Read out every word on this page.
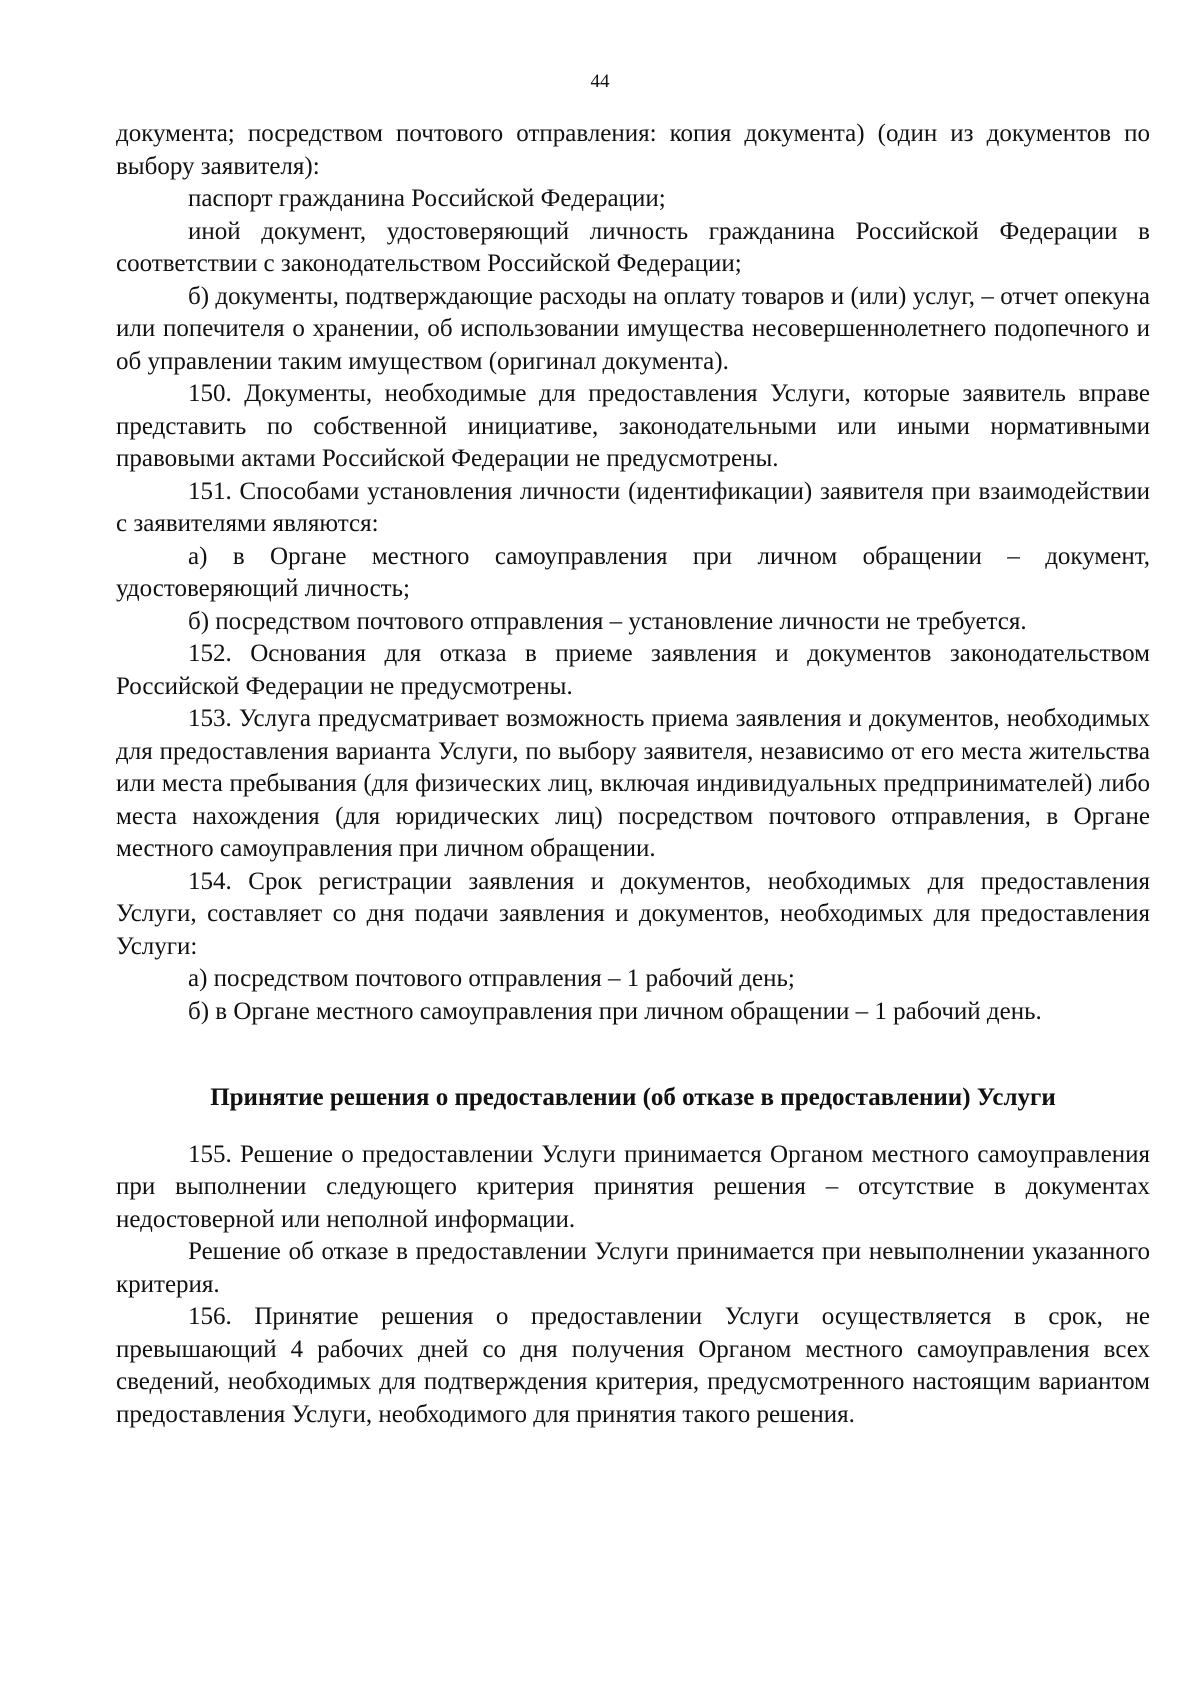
44

документа; посредством почтового отправления: копия документа) (один из документов по выбору заявителя):

паспорт гражданина Российской Федерации;

иной документ, удостоверяющий личность гражданина Российской Федерации в соответствии с законодательством Российской Федерации;

б) документы, подтверждающие расходы на оплату товаров и (или) услуг, – отчет опекуна или попечителя о хранении, об использовании имущества несовершеннолетнего подопечного и об управлении таким имуществом (оригинал документа).

150. Документы, необходимые для предоставления Услуги, которые заявитель вправе представить по собственной инициативе, законодательными или иными нормативными правовыми актами Российской Федерации не предусмотрены.

151. Способами установления личности (идентификации) заявителя при взаимодействии с заявителями являются:

а) в Органе местного самоуправления при личном обращении – документ, удостоверяющий личность;

б) посредством почтового отправления – установление личности не требуется.

152. Основания для отказа в приеме заявления и документов законодательством Российской Федерации не предусмотрены.

153. Услуга предусматривает возможность приема заявления и документов, необходимых для предоставления варианта Услуги, по выбору заявителя, независимо от его места жительства или места пребывания (для физических лиц, включая индивидуальных предпринимателей) либо места нахождения (для юридических лиц) посредством почтового отправления, в Органе местного самоуправления при личном обращении.

154. Срок регистрации заявления и документов, необходимых для предоставления Услуги, составляет со дня подачи заявления и документов, необходимых для предоставления Услуги:

а) посредством почтового отправления – 1 рабочий день;

б) в Органе местного самоуправления при личном обращении – 1 рабочий день.

Принятие решения о предоставлении (об отказе в предоставлении) Услуги

155. Решение о предоставлении Услуги принимается Органом местного самоуправления при выполнении следующего критерия принятия решения – отсутствие в документах недостоверной или неполной информации.

Решение об отказе в предоставлении Услуги принимается при невыполнении указанного критерия.

156. Принятие решения о предоставлении Услуги осуществляется в срок, не превышающий 4 рабочих дней со дня получения Органом местного самоуправления всех сведений, необходимых для подтверждения критерия, предусмотренного настоящим вариантом предоставления Услуги, необходимого для принятия такого решения.
